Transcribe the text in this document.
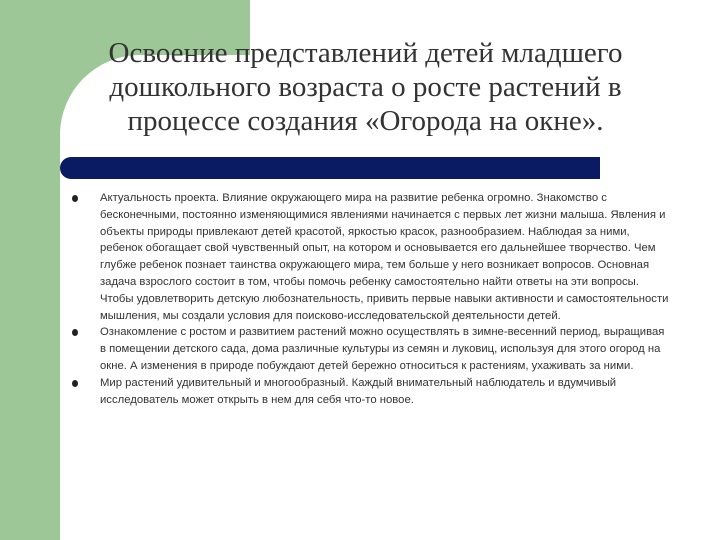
Освоение представлений детей младшего
дошкольного возраста о росте растений в
процессе создания «Огорода на окне».
Актуальность проекта. Влияние окружающего мира на развитие ребенка огромно. Знакомство с бесконечными, постоянно изменяющимися явлениями начинается с первых лет жизни малыша. Явления и объекты природы привлекают детей красотой, яркостью красок, разнообразием. Наблюдая за ними, ребенок обогащает свой чувственный опыт, на котором и основывается его дальнейшее творчество. Чем глубже ребенок познает таинства окружающего мира, тем больше у него возникает вопросов. Основная задача взрослого состоит в том, чтобы помочь ребенку самостоятельно найти ответы на эти вопросы. Чтобы удовлетворить детскую любознательность, привить первые навыки активности и самостоятельности мышления, мы создали условия для поисково-исследовательской деятельности детей.
Ознакомление с ростом и развитием растений можно осуществлять в зимне-весенний период, выращивая в помещении детского сада, дома различные культуры из семян и луковиц, используя для этого огород на окне. А изменения в природе побуждают детей бережно относиться к растениям, ухаживать за ними.
Мир растений удивительный и многообразный. Каждый внимательный наблюдатель и вдумчивый исследователь может открыть в нем для себя что-то новое.
